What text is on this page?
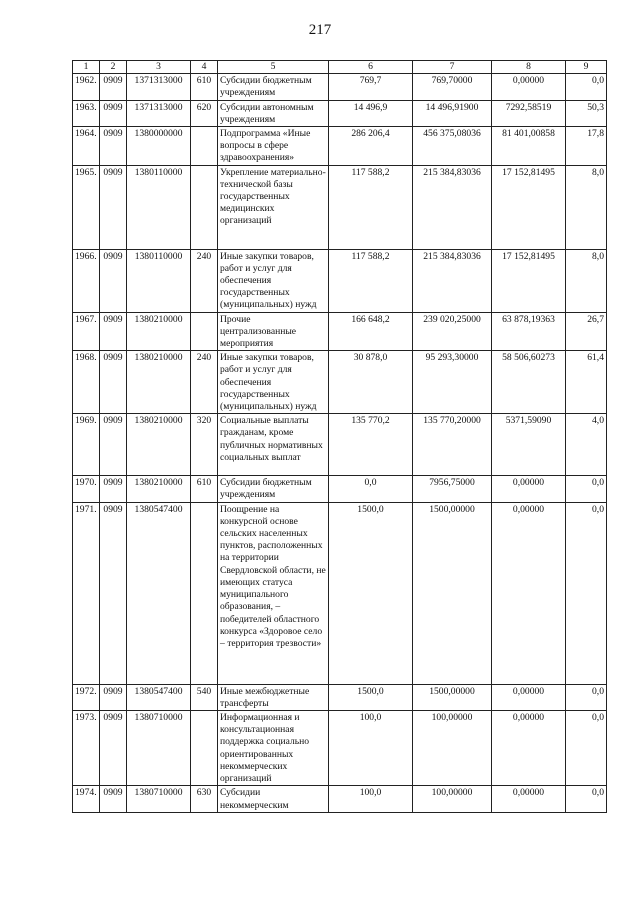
217
1	2	3	4	5	6	7	8	9
1962.	0909	1371313000	610	Субсидии бюджетным учреждениям	769,7	769,70000	0,00000	0,0
1963.	0909	1371313000	620	Субсидии автономным учреждениям	14 496,9	14 496,91900	7292,58519	50,3
1964.	0909	1380000000		Подпрограмма «Иные вопросы в сфере здравоохранения»	286 206,4	456 375,08036	81 401,00858	17,8
1965.	0909	1380110000		Укрепление материально-технической базы государственных медицинских организаций	117 588,2	215 384,83036	17 152,81495	8,0
1966.	0909	1380110000	240	Иные закупки товаров, работ и услуг для обеспечения государственных (муниципальных) нужд	117 588,2	215 384,83036	17 152,81495	8,0
1967.	0909	1380210000		Прочие централизованные мероприятия	166 648,2	239 020,25000	63 878,19363	26,7
1968.	0909	1380210000	240	Иные закупки товаров, работ и услуг для обеспечения государственных (муниципальных) нужд	30 878,0	95 293,30000	58 506,60273	61,4
1969.	0909	1380210000	320	Социальные выплаты гражданам, кроме публичных нормативных социальных выплат	135 770,2	135 770,20000	5371,59090	4,0
1970.	0909	1380210000	610	Субсидии бюджетным учреждениям	0,0	7956,75000	0,00000	0,0
1971.	0909	1380547400		Поощрение на конкурсной основе сельских населенных пунктов, расположенных на территории Свердловской области, не имеющих статуса муниципального образования, – победителей областного конкурса «Здоровое село – территория трезвости»	1500,0	1500,00000	0,00000	0,0
1972.	0909	1380547400	540	Иные межбюджетные трансферты	1500,0	1500,00000	0,00000	0,0
1973.	0909	1380710000		Информационная и консультационная поддержка социально ориентированных некоммерческих организаций	100,0	100,00000	0,00000	0,0
1974.	0909	1380710000	630	Субсидии некоммерческим	100,0	100,00000	0,00000	0,0
